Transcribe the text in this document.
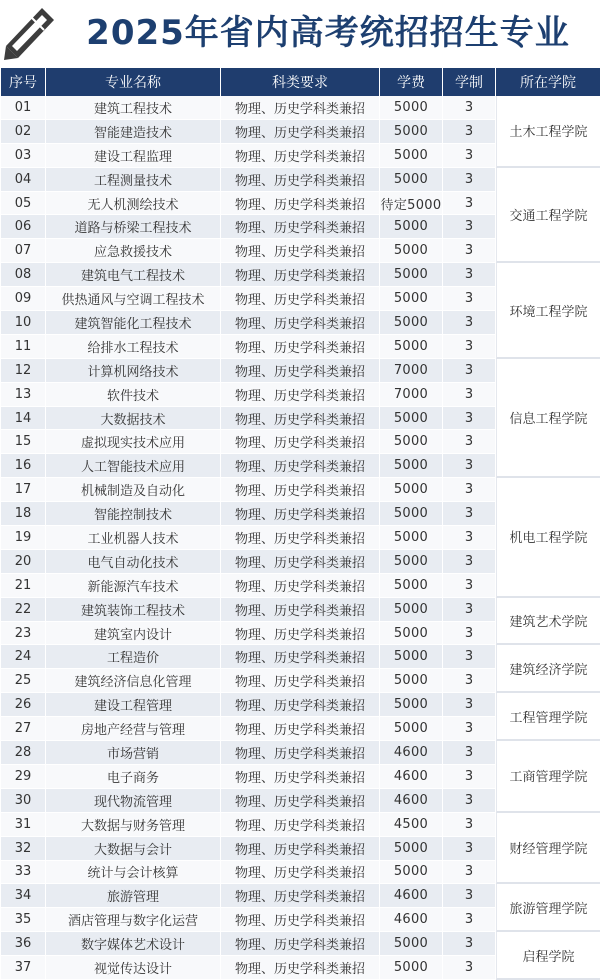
2025年省内高考统招招生专业
序号	专业名称	科类要求	学费	学制	所在学院
01	建筑工程技术	物理、历史学科类兼招	5000	3	土木工程学院
02	智能建造技术	物理、历史学科类兼招	5000	3	
03	建设工程监理	物理、历史学科类兼招	5000	3	
04	工程测量技术	物理、历史学科类兼招	5000	3	交通工程学院
05	无人机测绘技术	物理、历史学科类兼招	待定5000	3	
06	道路与桥梁工程技术	物理、历史学科类兼招	5000	3	
07	应急救援技术	物理、历史学科类兼招	5000	3	
08	建筑电气工程技术	物理、历史学科类兼招	5000	3	环境工程学院
09	供热通风与空调工程技术	物理、历史学科类兼招	5000	3	
10	建筑智能化工程技术	物理、历史学科类兼招	5000	3	
11	给排水工程技术	物理、历史学科类兼招	5000	3	
12	计算机网络技术	物理、历史学科类兼招	7000	3	信息工程学院
13	软件技术	物理、历史学科类兼招	7000	3	
14	大数据技术	物理、历史学科类兼招	5000	3	
15	虚拟现实技术应用	物理、历史学科类兼招	5000	3	
16	人工智能技术应用	物理、历史学科类兼招	5000	3	
17	机械制造及自动化	物理、历史学科类兼招	5000	3	机电工程学院
18	智能控制技术	物理、历史学科类兼招	5000	3	
19	工业机器人技术	物理、历史学科类兼招	5000	3	
20	电气自动化技术	物理、历史学科类兼招	5000	3	
21	新能源汽车技术	物理、历史学科类兼招	5000	3	
22	建筑装饰工程技术	物理、历史学科类兼招	5000	3	建筑艺术学院
23	建筑室内设计	物理、历史学科类兼招	5000	3	
24	工程造价	物理、历史学科类兼招	5000	3	建筑经济学院
25	建筑经济信息化管理	物理、历史学科类兼招	5000	3	
26	建设工程管理	物理、历史学科类兼招	5000	3	工程管理学院
27	房地产经营与管理	物理、历史学科类兼招	5000	3	
28	市场营销	物理、历史学科类兼招	4600	3	工商管理学院
29	电子商务	物理、历史学科类兼招	4600	3	
30	现代物流管理	物理、历史学科类兼招	4600	3	
31	大数据与财务管理	物理、历史学科类兼招	4500	3	财经管理学院
32	大数据与会计	物理、历史学科类兼招	5000	3	
33	统计与会计核算	物理、历史学科类兼招	5000	3	
34	旅游管理	物理、历史学科类兼招	4600	3	旅游管理学院
35	酒店管理与数字化运营	物理、历史学科类兼招	4600	3	
36	数字媒体艺术设计	物理、历史学科类兼招	5000	3	启程学院
37	视觉传达设计	物理、历史学科类兼招	5000	3	
